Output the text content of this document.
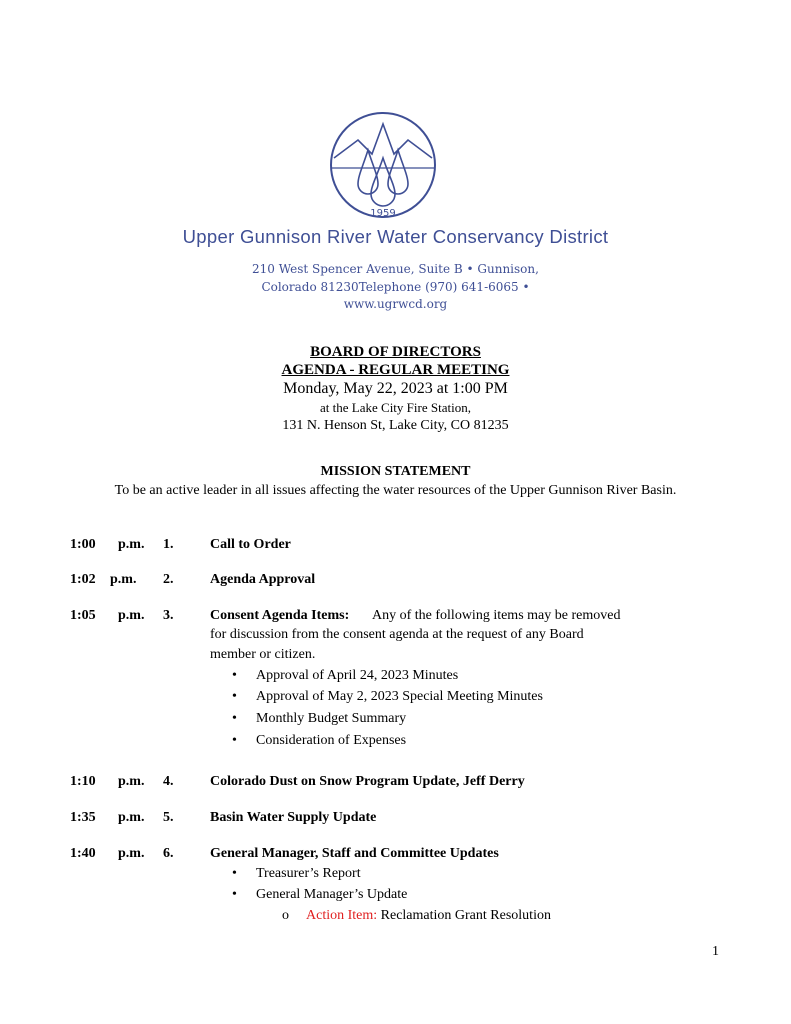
1959
Upper Gunnison River Water Conservancy District
210 West Spencer Avenue, Suite B • Gunnison,
Colorado 81230Telephone (970) 641-6065 •
www.ugrwcd.org
BOARD OF DIRECTORS
AGENDA - REGULAR MEETING
Monday, May 22, 2023 at 1:00 PM
at the Lake City Fire Station,
131 N. Henson St, Lake City, CO 81235
MISSION STATEMENT
To be an active leader in all issues affecting the water resources of the Upper Gunnison River Basin.
1:00 p.m. 1.	Call to Order
1:02 p.m. 2.	Agenda Approval
1:05 p.m. 3.	Consent Agenda Items: Any of the following items may be removed
for discussion from the consent agenda at the request of any Board
member or citizen.
• Approval of April 24, 2023 Minutes
• Approval of May 2, 2023 Special Meeting Minutes
• Monthly Budget Summary
• Consideration of Expenses
1:10 p.m. 4.	Colorado Dust on Snow Program Update, Jeff Derry
1:35 p.m. 5.	Basin Water Supply Update
1:40 p.m. 6.	General Manager, Staff and Committee Updates
• Treasurer’s Report
• General Manager’s Update
o Action Item: Reclamation Grant Resolution
1
